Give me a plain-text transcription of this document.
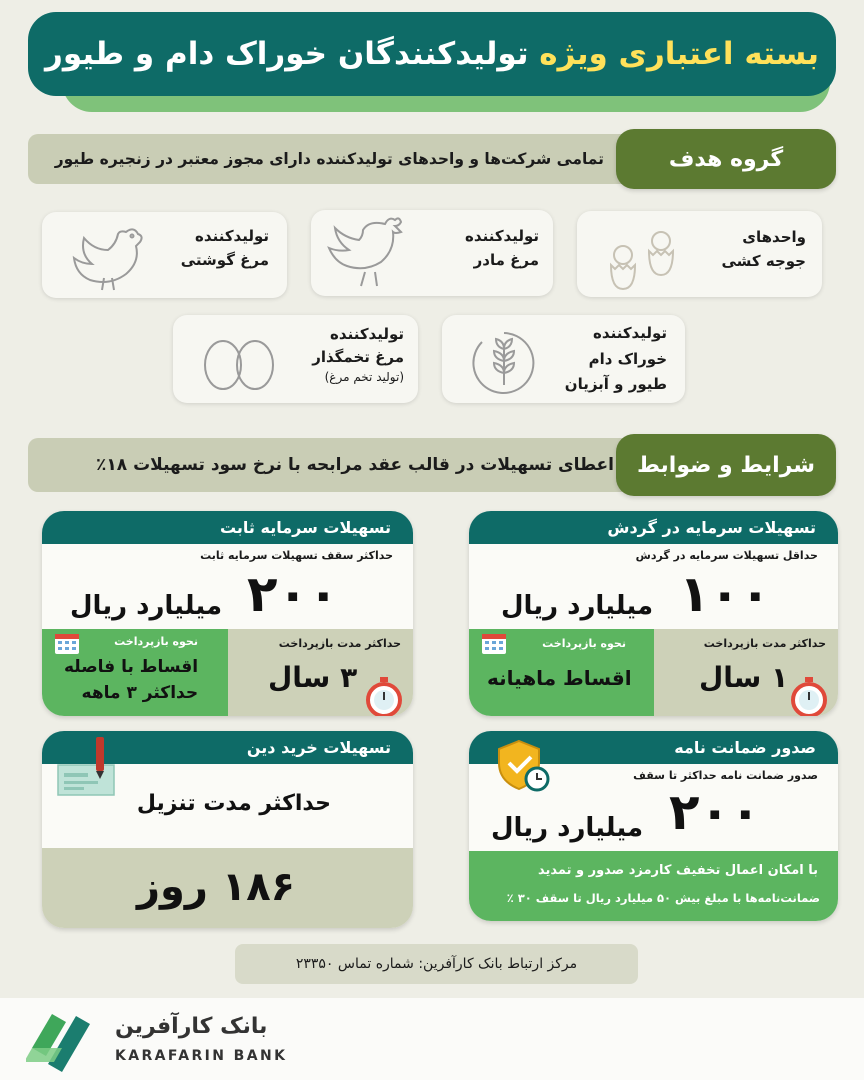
بسته اعتباری ویژه تولیدکنندگان خوراک دام و طیور
تمامی شرکت‌ها و واحدهای تولیدکننده دارای مجوز معتبر در زنجیره طیور	گروه هدف
تولیدکننده
مرغ گوشتی
تولیدکننده
مرغ مادر
واحدهای
جوجه کشی
تولیدکننده
مرغ تخمگذار
(تولید تخم مرغ)
تولیدکننده
خوراک دام
طیور و آبزیان
اعطای تسهیلات در قالب عقد مرابحه با نرخ سود تسهیلات ۱۸٪ شرایط و ضوابط
تسهیلات سرمایه در گردش
حداقل تسهیلات سرمایه در گردش
۱۰۰
میلیارد ریال
حداکثر مدت بازپرداخت
۱ سال
نحوه بازپرداخت
اقساط ماهیانه
تسهیلات سرمایه ثابت
حداکثر سقف تسهیلات سرمایه ثابت
۲۰۰
میلیارد ریال
حداکثر مدت بازپرداخت
۳ سال
نحوه بازپرداخت
اقساط با فاصله
حداکثر ۳ ماهه
صدور ضمانت نامه
صدور ضمانت نامه حداکثر تا سقف
۲۰۰
میلیارد ریال
با امکان اعمال تخفیف کارمزد صدور و تمدید
ضمانت‌نامه‌ها با مبلغ بیش ۵۰ میلیارد ریال تا سقف ۳۰ ٪
تسهیلات خرید دین
حداکثر مدت تنزیل
۱۸۶ روز
مرکز ارتباط بانک کارآفرین: شماره تماس ۲۳۳۵۰
بانک کارآفرین
KARAFARIN BANK
